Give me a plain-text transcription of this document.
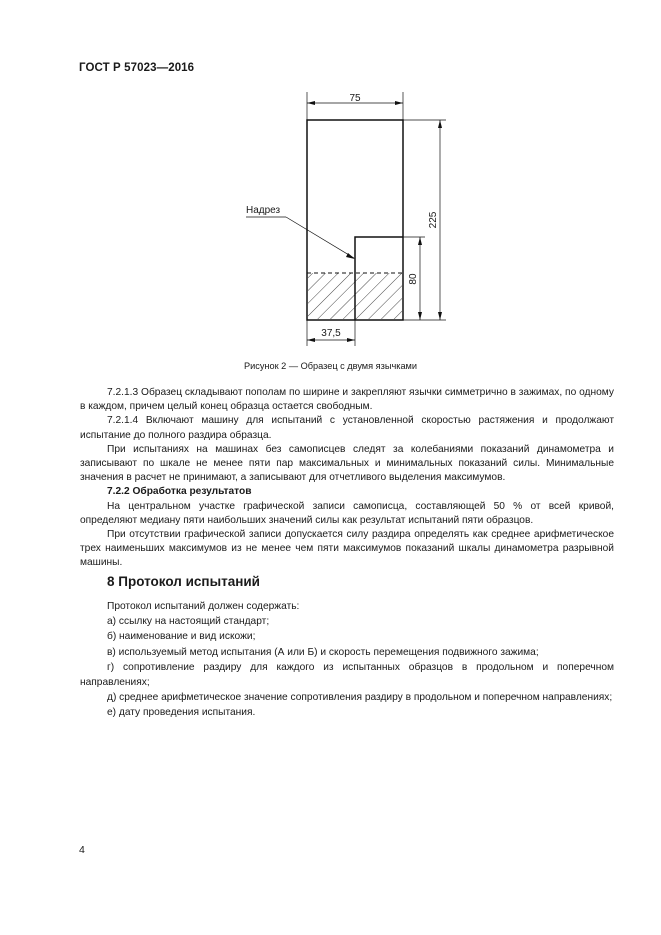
ГОСТ Р 57023—2016
75
225
80
37,5
Надрез
Рисунок 2 — Образец с двумя язычками

7.2.1.3 Образец складывают пополам по ширине и закрепляют язычки симметрично в зажимах, по одному в каждом, причем целый конец образца остается свободным.

7.2.1.4 Включают машину для испытаний с установленной скоростью растяжения и продолжают испытание до полного раздира образца.

При испытаниях на машинах без самописцев следят за колебаниями показаний динамометра и записывают по шкале не менее пяти пар максимальных и минимальных показаний силы. Минимальные значения в расчет не принимают, а записывают для отчетливого выделения максимумов.

7.2.2 Обработка результатов

На центральном участке графической записи самописца, составляющей 50 % от всей кривой, определяют медиану пяти наибольших значений силы как результат испытаний пяти образцов.

При отсутствии графической записи допускается силу раздира определять как среднее арифметическое трех наименьших максимумов из не менее чем пяти максимумов показаний шкалы динамометра разрывной машины.

8 Протокол испытаний

Протокол испытаний должен содержать:

а) ссылку на настоящий стандарт;

б) наименование и вид искожи;

в) используемый метод испытания (А или Б) и скорость перемещения подвижного зажима;

г) сопротивление раздиру для каждого из испытанных образцов в продольном и поперечном направлениях;

д) среднее арифметическое значение сопротивления раздиру в продольном и поперечном направлениях;

е) дату проведения испытания.

4
